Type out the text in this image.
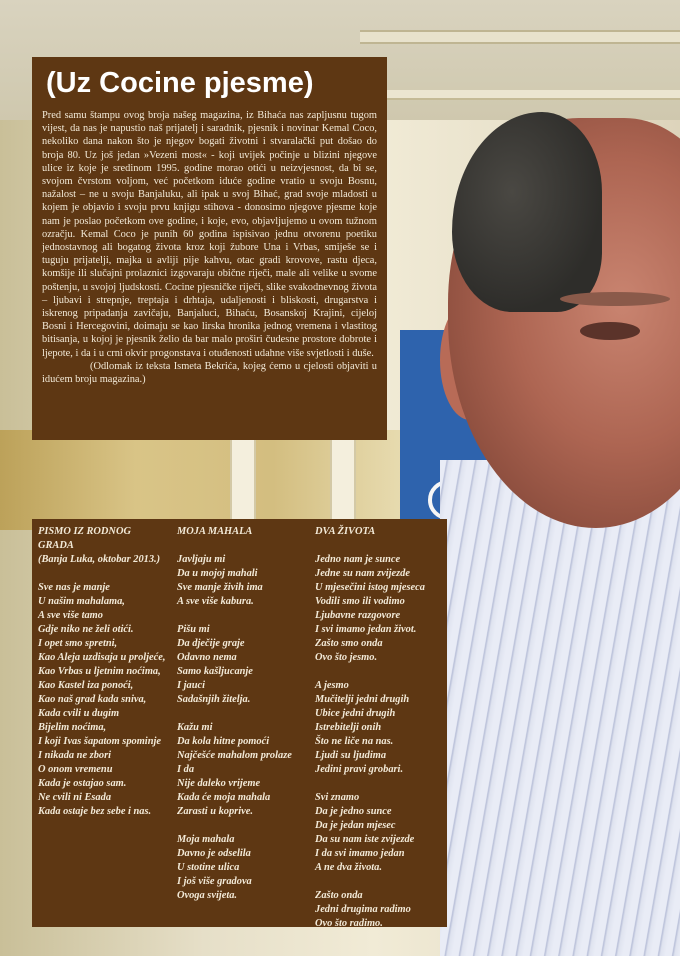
(Uz Cocine pjesme)

Pred samu štampu ovog broja našeg magazina, iz Bihaća nas zapljusnu tugom vijest, da nas je napustio naš prijatelj i saradnik, pjesnik i novinar Kemal Coco, nekoliko dana nakon što je njegov bogati životni i stvaralački put došao do broja 80. Uz još jedan »Vezeni most« - koji uvijek počinje u blizini njegove ulice iz koje je sredinom 1995. godine morao otići u neizvjesnost, da bi se, svojom čvrstom voljom, već početkom iduće godine vratio u svoju Bosnu, nažalost – ne u svoju Banjaluku, ali ipak u svoj Bihać, grad svoje mladosti u kojem je objavio i svoju prvu knjigu stihova - donosimo njegove pjesme koje nam je poslao početkom ove godine, i koje, evo, objavljujemo u ovom tužnom ozračju. Kemal Coco je punih 60 godina ispisivao jednu otvorenu poetiku jednostavnog ali bogatog života kroz koji žubore Una i Vrbas, smiješe se i tuguju prijatelji, majka u avliji pije kahvu, otac gradi krovove, rastu djeca, komšije ili slučajni prolaznici izgovaraju obične riječi, male ali velike u svome poštenju, u svojoj ljudskosti. Cocine pjesničke riječi, slike svakodnevnog života – ljubavi i strepnje, treptaja i drhtaja, udaljenosti i bliskosti, drugarstva i iskrenog pripadanja zavičaju, Banjaluci, Bihaću, Bosanskoj Krajini, cijeloj Bosni i Hercegovini, doimaju se kao lirska hronika jednog vremena i vlastitog bitisanja, u kojoj je pjesnik želio da bar malo proširi čudesne prostore dobrote i ljepote, i da i u crni okvir progonstava i otuđenosti udahne više svjetlosti i duše.

(Odlomak iz teksta Ismeta Bekrića, kojeg ćemo u cjelosti objaviti u idućem broju magazina.)

PISMO IZ RODNOG GRADA
(Banja Luka, oktobar 2013.)
Sve nas je manje
U našim mahalama,
A sve više tamo
Gdje niko ne želi otići.
I opet smo spretni,
Kao Aleja uzdisaja u proljeće,
Kao Vrbas u ljetnim noćima,
Kao Kastel iza ponoći,
Kao naš grad kada sniva,
Kada cvili u dugim
Bijelim noćima,
I koji Ivas šapatom spominje
I nikada ne zbori
O onom vremenu
Kada je ostajao sam.
Ne cvili ni Esada
Kada ostaje bez sebe i nas.
MOJA MAHALA
Javljaju mi
Da u mojoj mahali
Sve manje živih ima
A sve više kabura.
Pišu mi
Da dječije graje
Odavno nema
Samo kašljucanje
I jauci
Sadašnjih žitelja.
Kažu mi
Da kola hitne pomoći
Najčešće mahalom prolaze
I da
Nije daleko vrijeme
Kada će moja mahala
Zarasti u koprive.
Moja mahala
Davno je odselila
U stotine ulica
I još više gradova
Ovoga svijeta.
DVA ŽIVOTA
Jedno nam je sunce
Jedne su nam zvijezde
U mjesečini istog mjeseca
Vodili smo ili vodimo
Ljubavne razgovore
I svi imamo jedan život.
Zašto smo onda
Ovo što jesmo.
A jesmo
Mučitelji jedni drugih
Ubice jedni drugih
Istrebitelji onih
Što ne liče na nas.
Ljudi su ljudima
Jedini pravi grobari.
Svi znamo
Da je jedno sunce
Da je jedan mjesec
Da su nam iste zvijezde
I da svi imamo jedan
A ne dva života.
Zašto onda
Jedni drugima radimo
Ovo što radimo.
